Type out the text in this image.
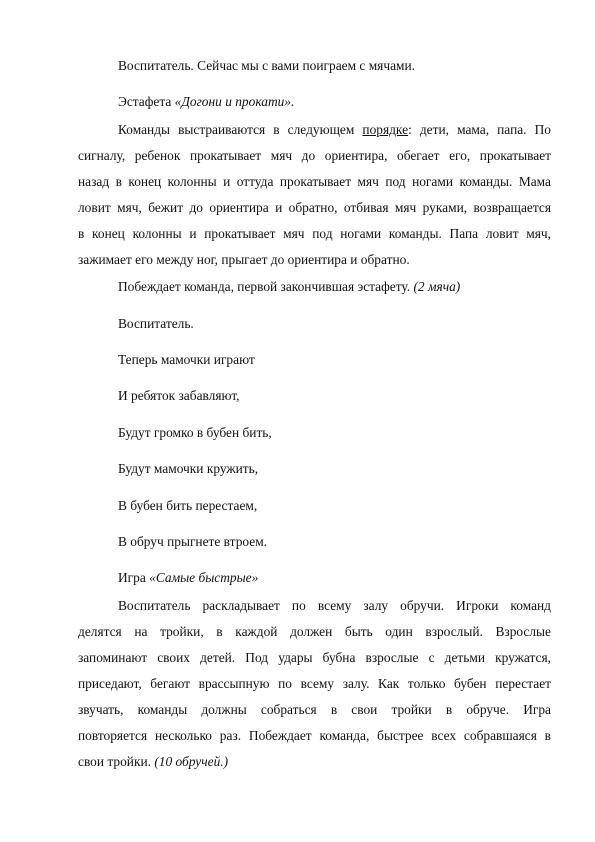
Воспитатель. Сейчас мы с вами поиграем с мячами.
Эстафета «Догони и прокати».
Команды выстраиваются в следующем порядке: дети, мама, папа. По
сигналу, ребенок прокатывает мяч до ориентира, обегает его, прокатывает
назад в конец колонны и оттуда прокатывает мяч под ногами команды. Мама
ловит мяч, бежит до ориентира и обратно, отбивая мяч руками, возвращается
в конец колонны и прокатывает мяч под ногами команды. Папа ловит мяч,
зажимает его между ног, прыгает до ориентира и обратно.
Побеждает команда, первой закончившая эстафету. (2 мяча)
Воспитатель.
Теперь мамочки играют
И ребяток забавляют,
Будут громко в бубен бить,
Будут мамочки кружить,
В бубен бить перестаем,
В обруч прыгнете втроем.
Игра «Самые быстрые»
Воспитатель раскладывает по всему залу обручи. Игроки команд
делятся на тройки, в каждой должен быть один взрослый. Взрослые
запоминают своих детей. Под удары бубна взрослые с детьми кружатся,
приседают, бегают врассыпную по всему залу. Как только бубен перестает
звучать, команды должны собраться в свои тройки в обруче. Игра
повторяется несколько раз. Побеждает команда, быстрее всех собравшаяся в
свои тройки. (10 обручей.)
